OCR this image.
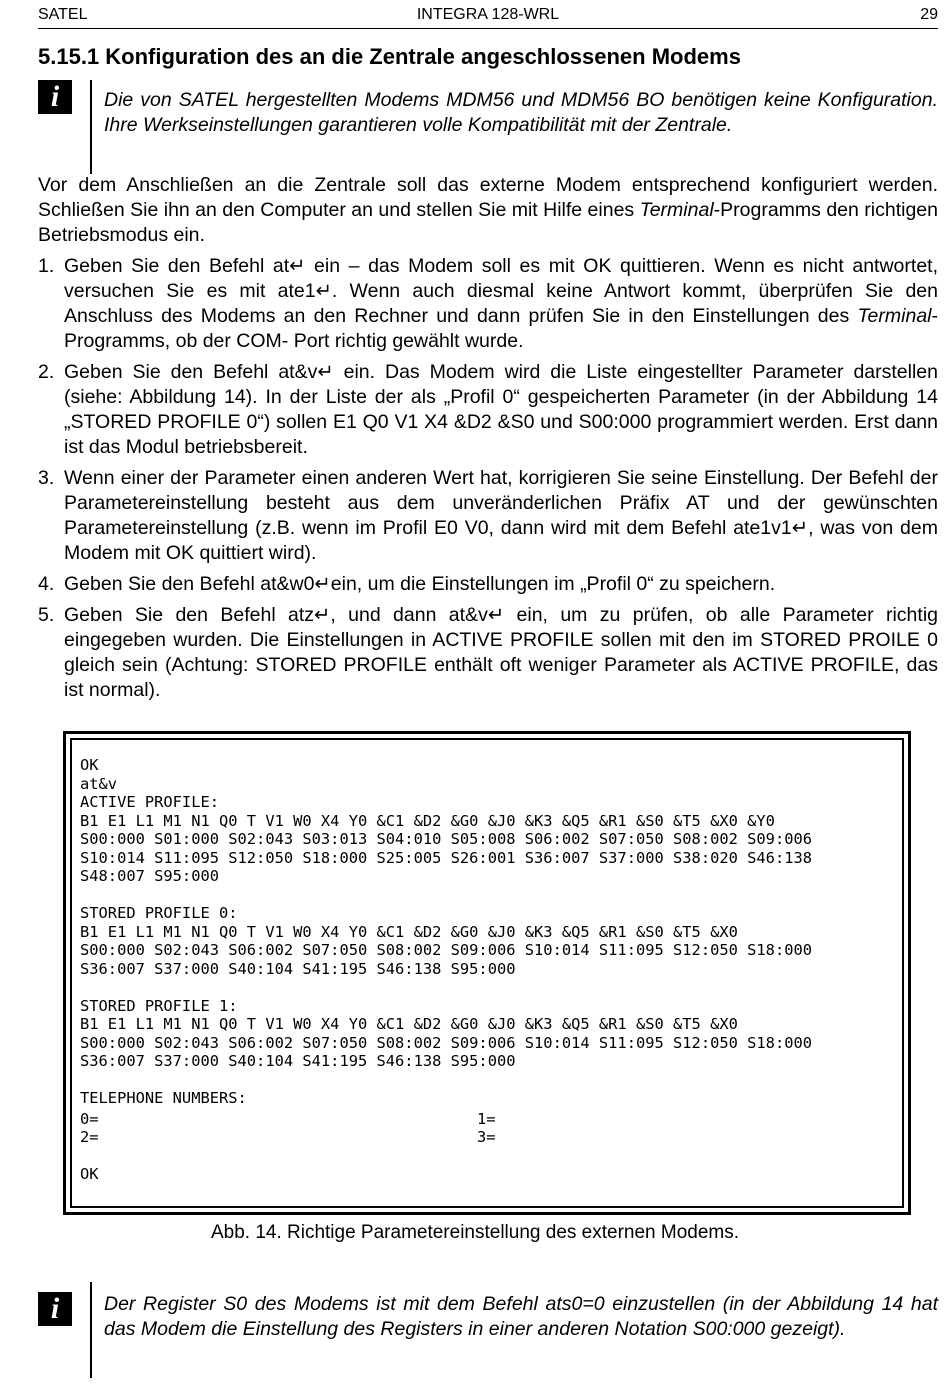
SATEL	INTEGRA 128-WRL	29
5.15.1 Konfiguration des an die Zentrale angeschlossenen Modems
i	Die von SATEL hergestellten Modems MDM56 und MDM56 BO benötigen keine Konfiguration. Ihre Werkseinstellungen garantieren volle Kompatibilität mit der Zentrale.
Vor dem Anschließen an die Zentrale soll das externe Modem entsprechend konfiguriert werden. Schließen Sie ihn an den Computer an und stellen Sie mit Hilfe eines Terminal-Programms den richtigen Betriebsmodus ein.
1. Geben Sie den Befehl at↵ ein – das Modem soll es mit OK quittieren. Wenn es nicht antwortet, versuchen Sie es mit ate1↵. Wenn auch diesmal keine Antwort kommt, überprüfen Sie den Anschluss des Modems an den Rechner und dann prüfen Sie in den Einstellungen des Terminal-Programms, ob der COM- Port richtig gewählt wurde.
2. Geben Sie den Befehl at&v↵ ein. Das Modem wird die Liste eingestellter Parameter darstellen (siehe: Abbildung 14). In der Liste der als „Profil 0“ gespeicherten Parameter (in der Abbildung 14 „STORED PROFILE 0“) sollen E1 Q0 V1 X4 &D2 &S0 und S00:000 programmiert werden. Erst dann ist das Modul betriebsbereit.
3. Wenn einer der Parameter einen anderen Wert hat, korrigieren Sie seine Einstellung. Der Befehl der Parametereinstellung besteht aus dem unveränderlichen Präfix AT und der gewünschten Parametereinstellung (z.B. wenn im Profil E0 V0, dann wird mit dem Befehl ate1v1↵, was von dem Modem mit OK quittiert wird).
4. Geben Sie den Befehl at&w0↵ein, um die Einstellungen im „Profil 0“ zu speichern.
5. Geben Sie den Befehl atz↵, und dann at&v↵ ein, um zu prüfen, ob alle Parameter richtig eingegeben wurden. Die Einstellungen in ACTIVE PROFILE sollen mit den im STORED PROILE 0 gleich sein (Achtung: STORED PROFILE enthält oft weniger Parameter als ACTIVE PROFILE, das ist normal).
OK
at&v
ACTIVE PROFILE:
B1 E1 L1 M1 N1 Q0 T V1 W0 X4 Y0 &C1 &D2 &G0 &J0 &K3 &Q5 &R1 &S0 &T5 &X0 &Y0
S00:000 S01:000 S02:043 S03:013 S04:010 S05:008 S06:002 S07:050 S08:002 S09:006
S10:014 S11:095 S12:050 S18:000 S25:005 S26:001 S36:007 S37:000 S38:020 S46:138
S48:007 S95:000

STORED PROFILE 0:
B1 E1 L1 M1 N1 Q0 T V1 W0 X4 Y0 &C1 &D2 &G0 &J0 &K3 &Q5 &R1 &S0 &T5 &X0
S00:000 S02:043 S06:002 S07:050 S08:002 S09:006 S10:014 S11:095 S12:050 S18:000
S36:007 S37:000 S40:104 S41:195 S46:138 S95:000

STORED PROFILE 1:
B1 E1 L1 M1 N1 Q0 T V1 W0 X4 Y0 &C1 &D2 &G0 &J0 &K3 &Q5 &R1 &S0 &T5 &X0
S00:000 S02:043 S06:002 S07:050 S08:002 S09:006 S10:014 S11:095 S12:050 S18:000
S36:007 S37:000 S40:104 S41:195 S46:138 S95:000

TELEPHONE NUMBERS:
0=	1=
2=	3=
OK
Abb. 14. Richtige Parametereinstellung des externen Modems.
i	Der Register S0 des Modems ist mit dem Befehl ats0=0 einzustellen (in der Abbildung 14 hat das Modem die Einstellung des Registers in einer anderen Notation S00:000 gezeigt).
